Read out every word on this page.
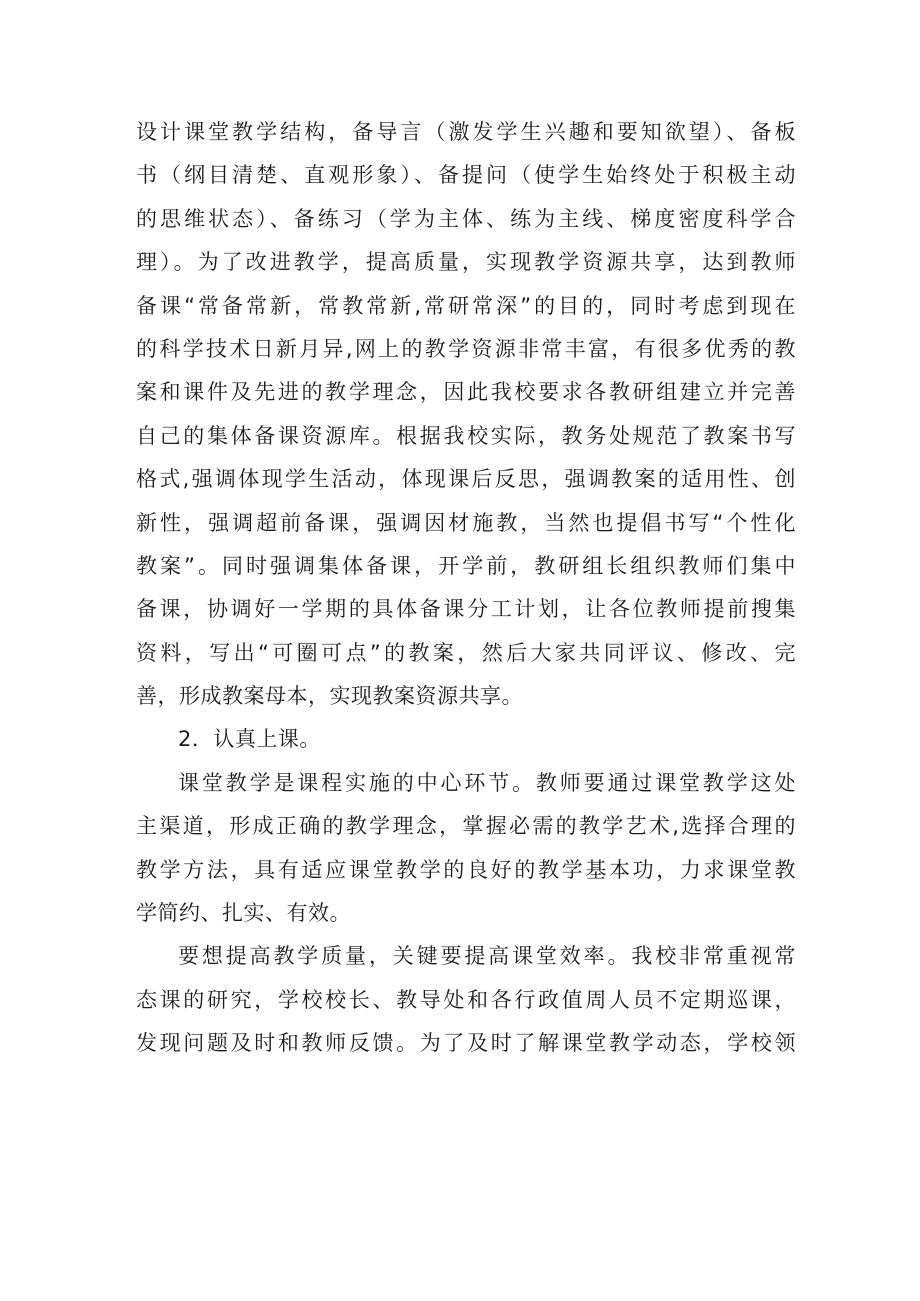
设计课堂教学结构，备导言（激发学生兴趣和要知欲望）、备板
书（纲目清楚、直观形象）、备提问（使学生始终处于积极主动
的思维状态）、备练习（学为主体、练为主线、梯度密度科学合
理）。为了改进教学，提高质量，实现教学资源共享，达到教师
备课“常备常新，常教常新,常研常深”的目的，同时考虑到现在
的科学技术日新月异,网上的教学资源非常丰富，有很多优秀的教
案和课件及先进的教学理念，因此我校要求各教研组建立并完善
自己的集体备课资源库。根据我校实际，教务处规范了教案书写
格式,强调体现学生活动，体现课后反思，强调教案的适用性、创
新性，强调超前备课，强调因材施教，当然也提倡书写“个性化
教案”。同时强调集体备课，开学前，教研组长组织教师们集中
备课，协调好一学期的具体备课分工计划，让各位教师提前搜集
资料，写出“可圈可点”的教案，然后大家共同评议、修改、完
善，形成教案母本，实现教案资源共享。
2．认真上课。
课堂教学是课程实施的中心环节。教师要通过课堂教学这处
主渠道，形成正确的教学理念，掌握必需的教学艺术,选择合理的
教学方法，具有适应课堂教学的良好的教学基本功，力求课堂教
学简约、扎实、有效。
要想提高教学质量，关键要提高课堂效率。我校非常重视常
态课的研究，学校校长、教导处和各行政值周人员不定期巡课，
发现问题及时和教师反馈。为了及时了解课堂教学动态，学校领
